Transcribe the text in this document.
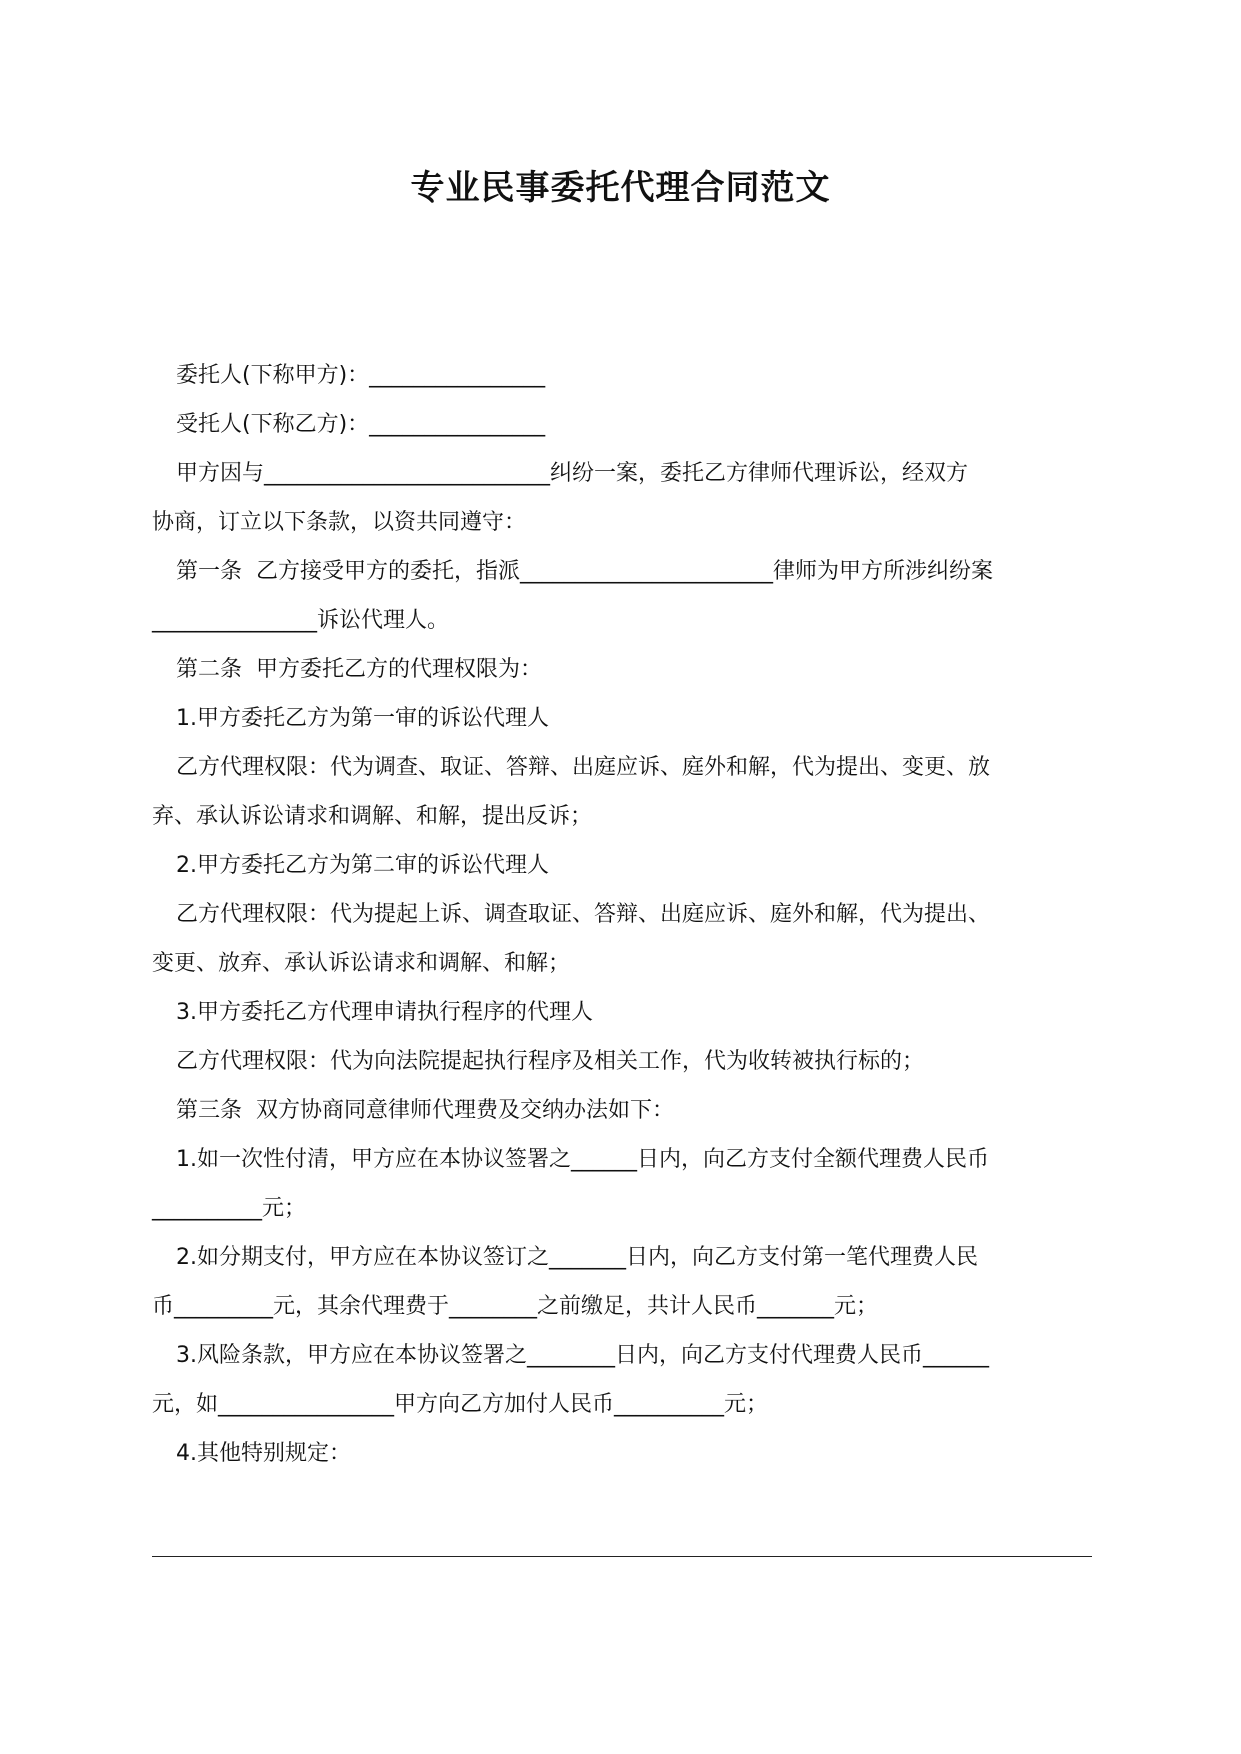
专业民事委托代理合同范文

委托人(下称甲方)：________________

受托人(下称乙方)：________________

甲方因与__________________________纠纷一案，委托乙方律师代理诉讼，经双方

协商，订立以下条款，以资共同遵守：

第一条  乙方接受甲方的委托，指派_______________________律师为甲方所涉纠纷案

_______________诉讼代理人。

第二条  甲方委托乙方的代理权限为：

1.甲方委托乙方为第一审的诉讼代理人

乙方代理权限：代为调查、取证、答辩、出庭应诉、庭外和解，代为提出、变更、放

弃、承认诉讼请求和调解、和解，提出反诉；

2.甲方委托乙方为第二审的诉讼代理人

乙方代理权限：代为提起上诉、调查取证、答辩、出庭应诉、庭外和解，代为提出、

变更、放弃、承认诉讼请求和调解、和解；

3.甲方委托乙方代理申请执行程序的代理人

乙方代理权限：代为向法院提起执行程序及相关工作，代为收转被执行标的；

第三条  双方协商同意律师代理费及交纳办法如下：

1.如一次性付清，甲方应在本协议签署之______日内，向乙方支付全额代理费人民币

__________元；

2.如分期支付，甲方应在本协议签订之_______日内，向乙方支付第一笔代理费人民

币_________元，其余代理费于________之前缴足，共计人民币_______元；

3.风险条款，甲方应在本协议签署之________日内，向乙方支付代理费人民币______

元，如________________甲方向乙方加付人民币__________元；

4.其他特别规定：
